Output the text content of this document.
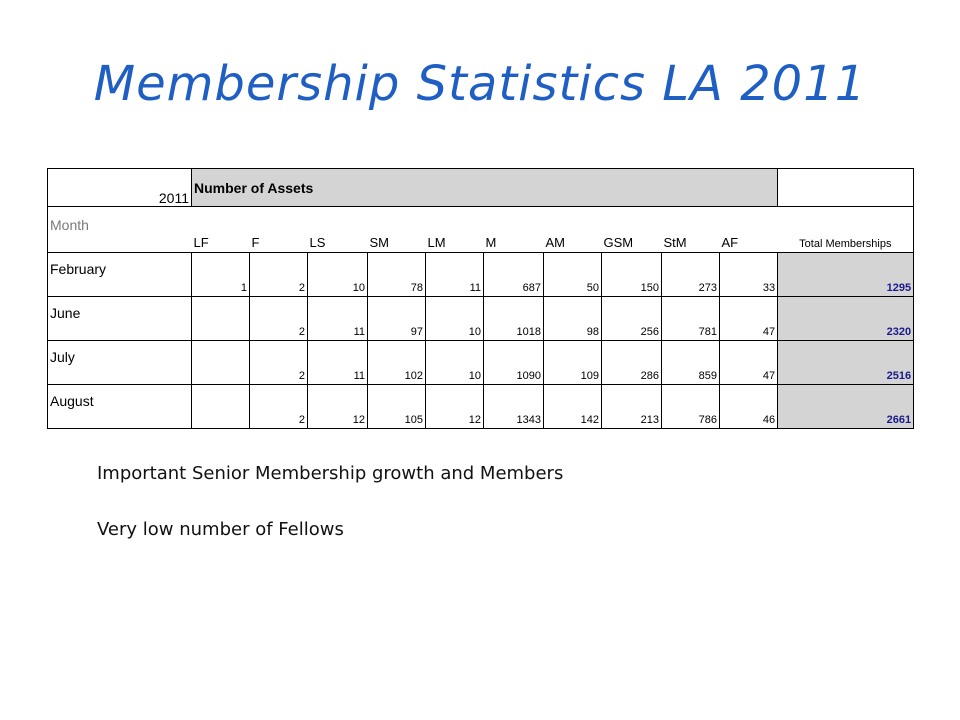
Membership Statistics LA 2011
2011	Number of Assets										
Month	LF	F	LS	SM	LM	M	AM	GSM	StM	AF	Total Memberships
February	1	2	10	78	11	687	50	150	273	33	1295
June		2	11	97	10	1018	98	256	781	47	2320
July		2	11	102	10	1090	109	286	859	47	2516
August		2	12	105	12	1343	142	213	786	46	2661

Important Senior Membership growth and Members

Very low number of Fellows
